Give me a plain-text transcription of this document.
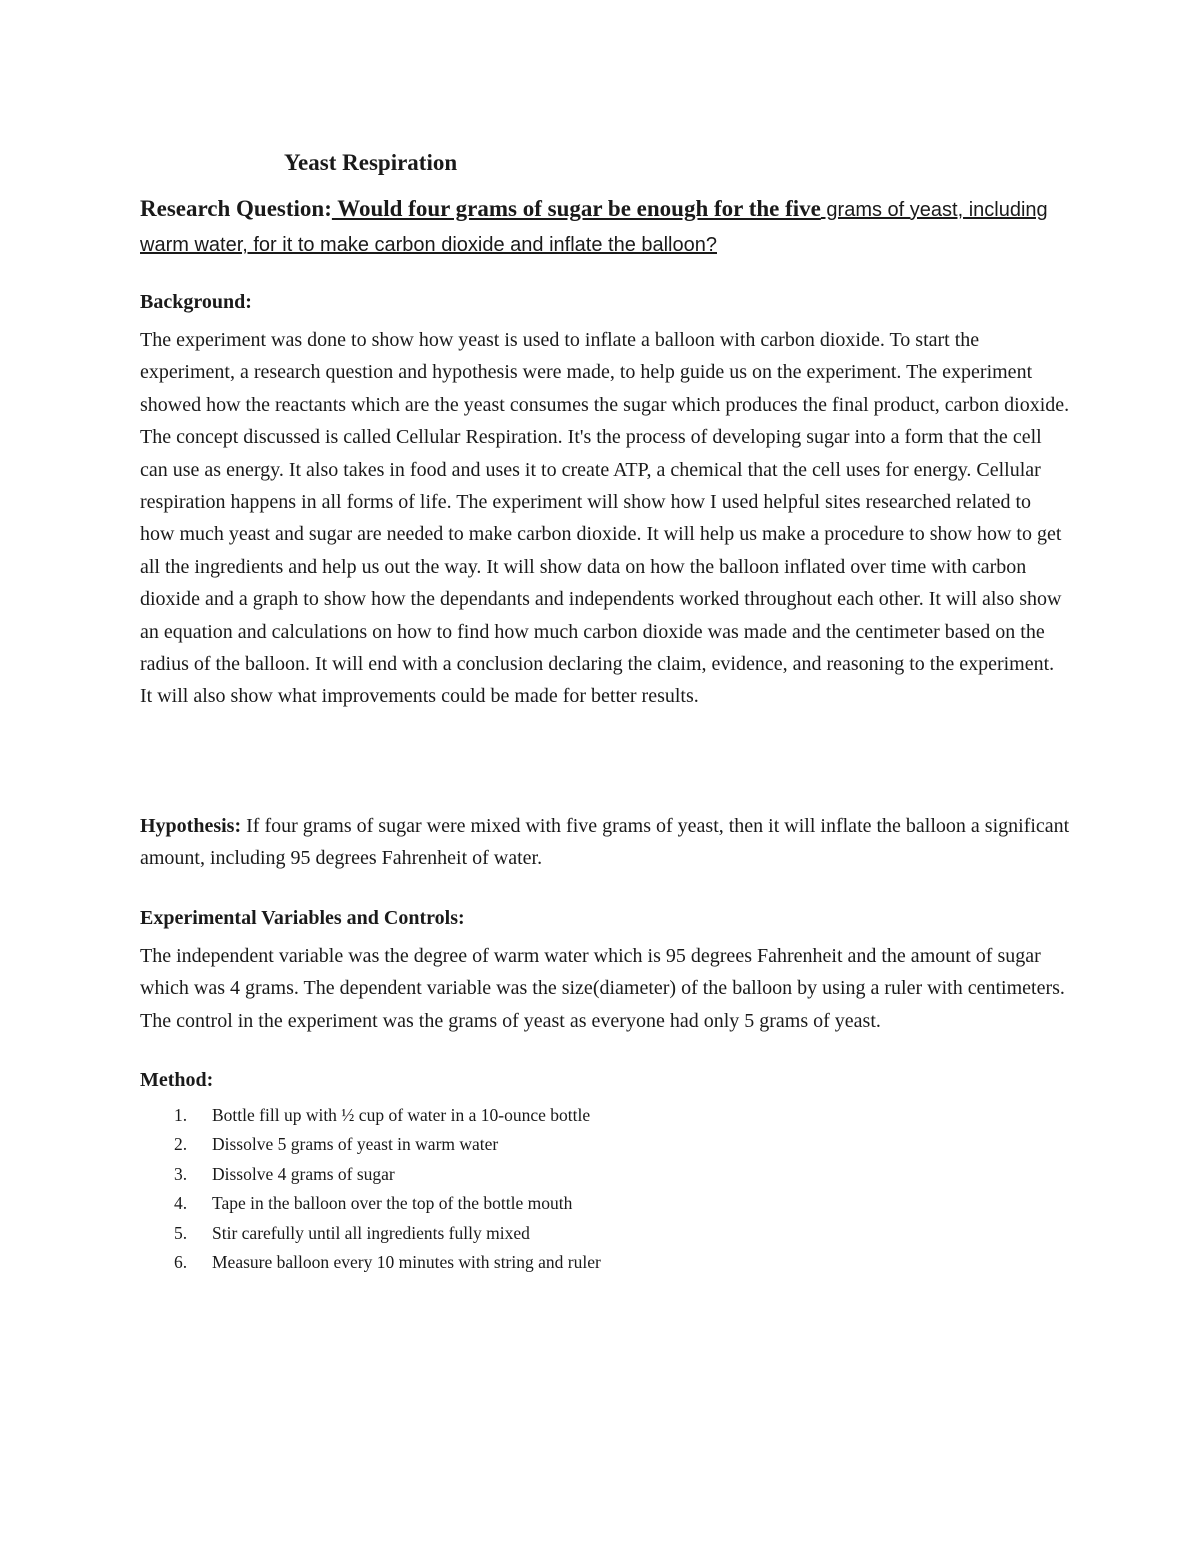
Yeast Respiration

Research Question: Would four grams of sugar be enough for the five grams of yeast, including warm water, for it to make carbon dioxide and inflate the balloon?

Background:

The experiment was done to show how yeast is used to inflate a balloon with carbon dioxide. To start the experiment, a research question and hypothesis were made, to help guide us on the experiment. The experiment showed how the reactants which are the yeast consumes the sugar which produces the final product, carbon dioxide. The concept discussed is called Cellular Respiration. It's the process of developing sugar into a form that the cell can use as energy. It also takes in food and uses it to create ATP, a chemical that the cell uses for energy. Cellular respiration happens in all forms of life. The experiment will show how I used helpful sites researched related to how much yeast and sugar are needed to make carbon dioxide. It will help us make a procedure to show how to get all the ingredients and help us out the way. It will show data on how the balloon inflated over time with carbon dioxide and a graph to show how the dependants and independents worked throughout each other. It will also show an equation and calculations on how to find how much carbon dioxide was made and the centimeter based on the radius of the balloon. It will end with a conclusion declaring the claim, evidence, and reasoning to the experiment. It will also show what improvements could be made for better results.

Hypothesis: If four grams of sugar were mixed with five grams of yeast, then it will inflate the balloon a significant amount, including 95 degrees Fahrenheit of water.

Experimental Variables and Controls:

The independent variable was the degree of warm water which is 95 degrees Fahrenheit and the amount of sugar which was 4 grams. The dependent variable was the size(diameter) of the balloon by using a ruler with centimeters. The control in the experiment was the grams of yeast as everyone had only 5 grams of yeast.

Method:

1. Bottle fill up with ½ cup of water in a 10-ounce bottle
2. Dissolve 5 grams of yeast in warm water
3. Dissolve 4 grams of sugar
4. Tape in the balloon over the top of the bottle mouth
5. Stir carefully until all ingredients fully mixed
6. Measure balloon every 10 minutes with string and ruler
